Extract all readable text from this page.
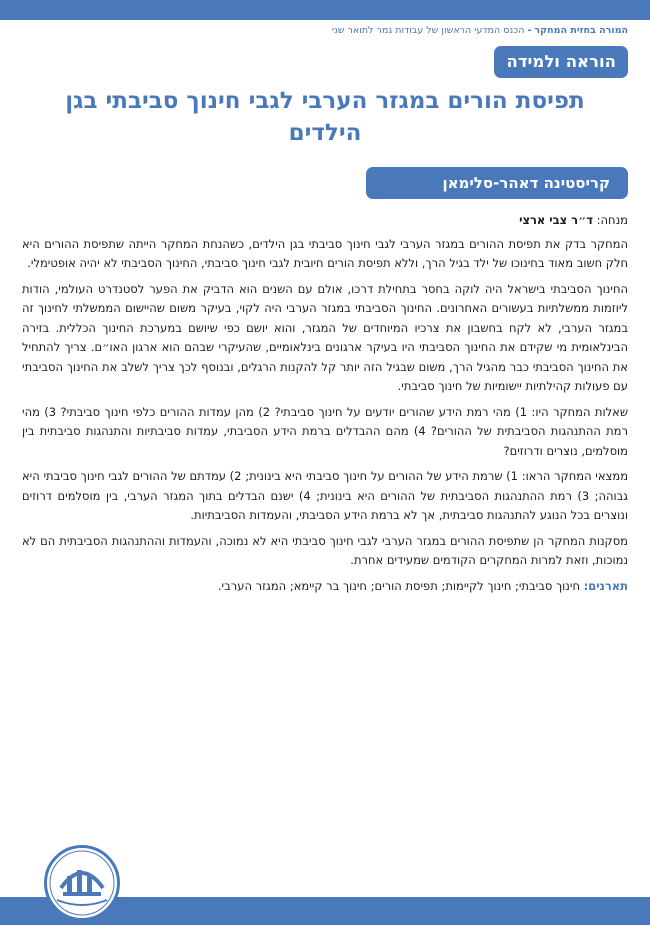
המורה בחזית המחקר - הכנס המדעי הראשון של עבודות גמר לתואר שני
הוראה ולמידה
תפיסת הורים במגזר הערבי לגבי חינוך סביבתי בגן הילדים
קריסטינה דאהר-סלימאן

מנחה: ד״ר צבי ארצי

המחקר בדק את תפיסת ההורים במגזר הערבי לגבי חינוך סביבתי בגן הילדים, כשהנחת המחקר הייתה שתפיסת ההורים היא חלק חשוב מאוד בחינוכו של ילד בגיל הרך, וללא תפיסת הורים חיובית לגבי חינוך סביבתי, החינוך הסביבתי לא יהיה אופטימלי.

החינוך הסביבתי בישראל היה לוקה בחסר בתחילת דרכו, אולם עם השנים הוא הדביק את הפער לסטנדרט העולמי, הודות ליוזמות ממשלתיות בעשורים האחרונים. החינוך הסביבתי במגזר הערבי היה לקוי, בעיקר משום שהיישום הממשלתי לחינוך זה במגזר הערבי, לא לקח בחשבון את צרכיו המיוחדים של המגזר, והוא יושם כפי שיושם במערכת החינוך הכללית. בזירה הבינלאומית מי שקידם את החינוך הסביבתי היו בעיקר ארגונים בינלאומיים, שהעיקרי שבהם הוא ארגון האו״ם. צריך להתחיל את החינוך הסביבתי כבר מהגיל הרך, משום שבגיל הזה יותר קל להקנות הרגלים, ובנוסף לכך צריך לשלב את החינוך הסביבתי עם פעולות קהילתיות יישומיות של חינוך סביבתי.

שאלות המחקר היו: 1) מהי רמת הידע שהורים יודעים על חינוך סביבתי? 2) מהן עמדות ההורים כלפי חינוך סביבתי? 3) מהי רמת ההתנהגות הסביבתית של ההורים? 4) מהם ההבדלים ברמת הידע הסביבתי, עמדות סביבתיות והתנהגות סביבתית בין מוסלמים, נוצרים ודרוזים?

ממצאי המחקר הראו: 1) שרמת הידע של ההורים על חינוך סביבתי היא בינונית; 2) עמדתם של ההורים לגבי חינוך סביבתי היא גבוהה; 3) רמת ההתנהגות הסביבתית של ההורים היא בינונית; 4) ישנם הבדלים בתוך המגזר הערבי, בין מוסלמים דרוזים ונוצרים בכל הנוגע להתנהגות סביבתית, אך לא ברמת הידע הסביבתי, והעמדות הסביבתיות.

מסקנות המחקר הן שתפיסת ההורים במגזר הערבי לגבי חינוך סביבתי היא לא נמוכה, והעמדות וההתנהגות הסביבתית הם לא נמוכות, וזאת למרות המחקרים הקודמים שמעידים אחרת.

תארנים: חינוך סביבתי; חינוך לקיימות; תפיסת הורים; חינוך בר קיימא; המגזר הערבי.
